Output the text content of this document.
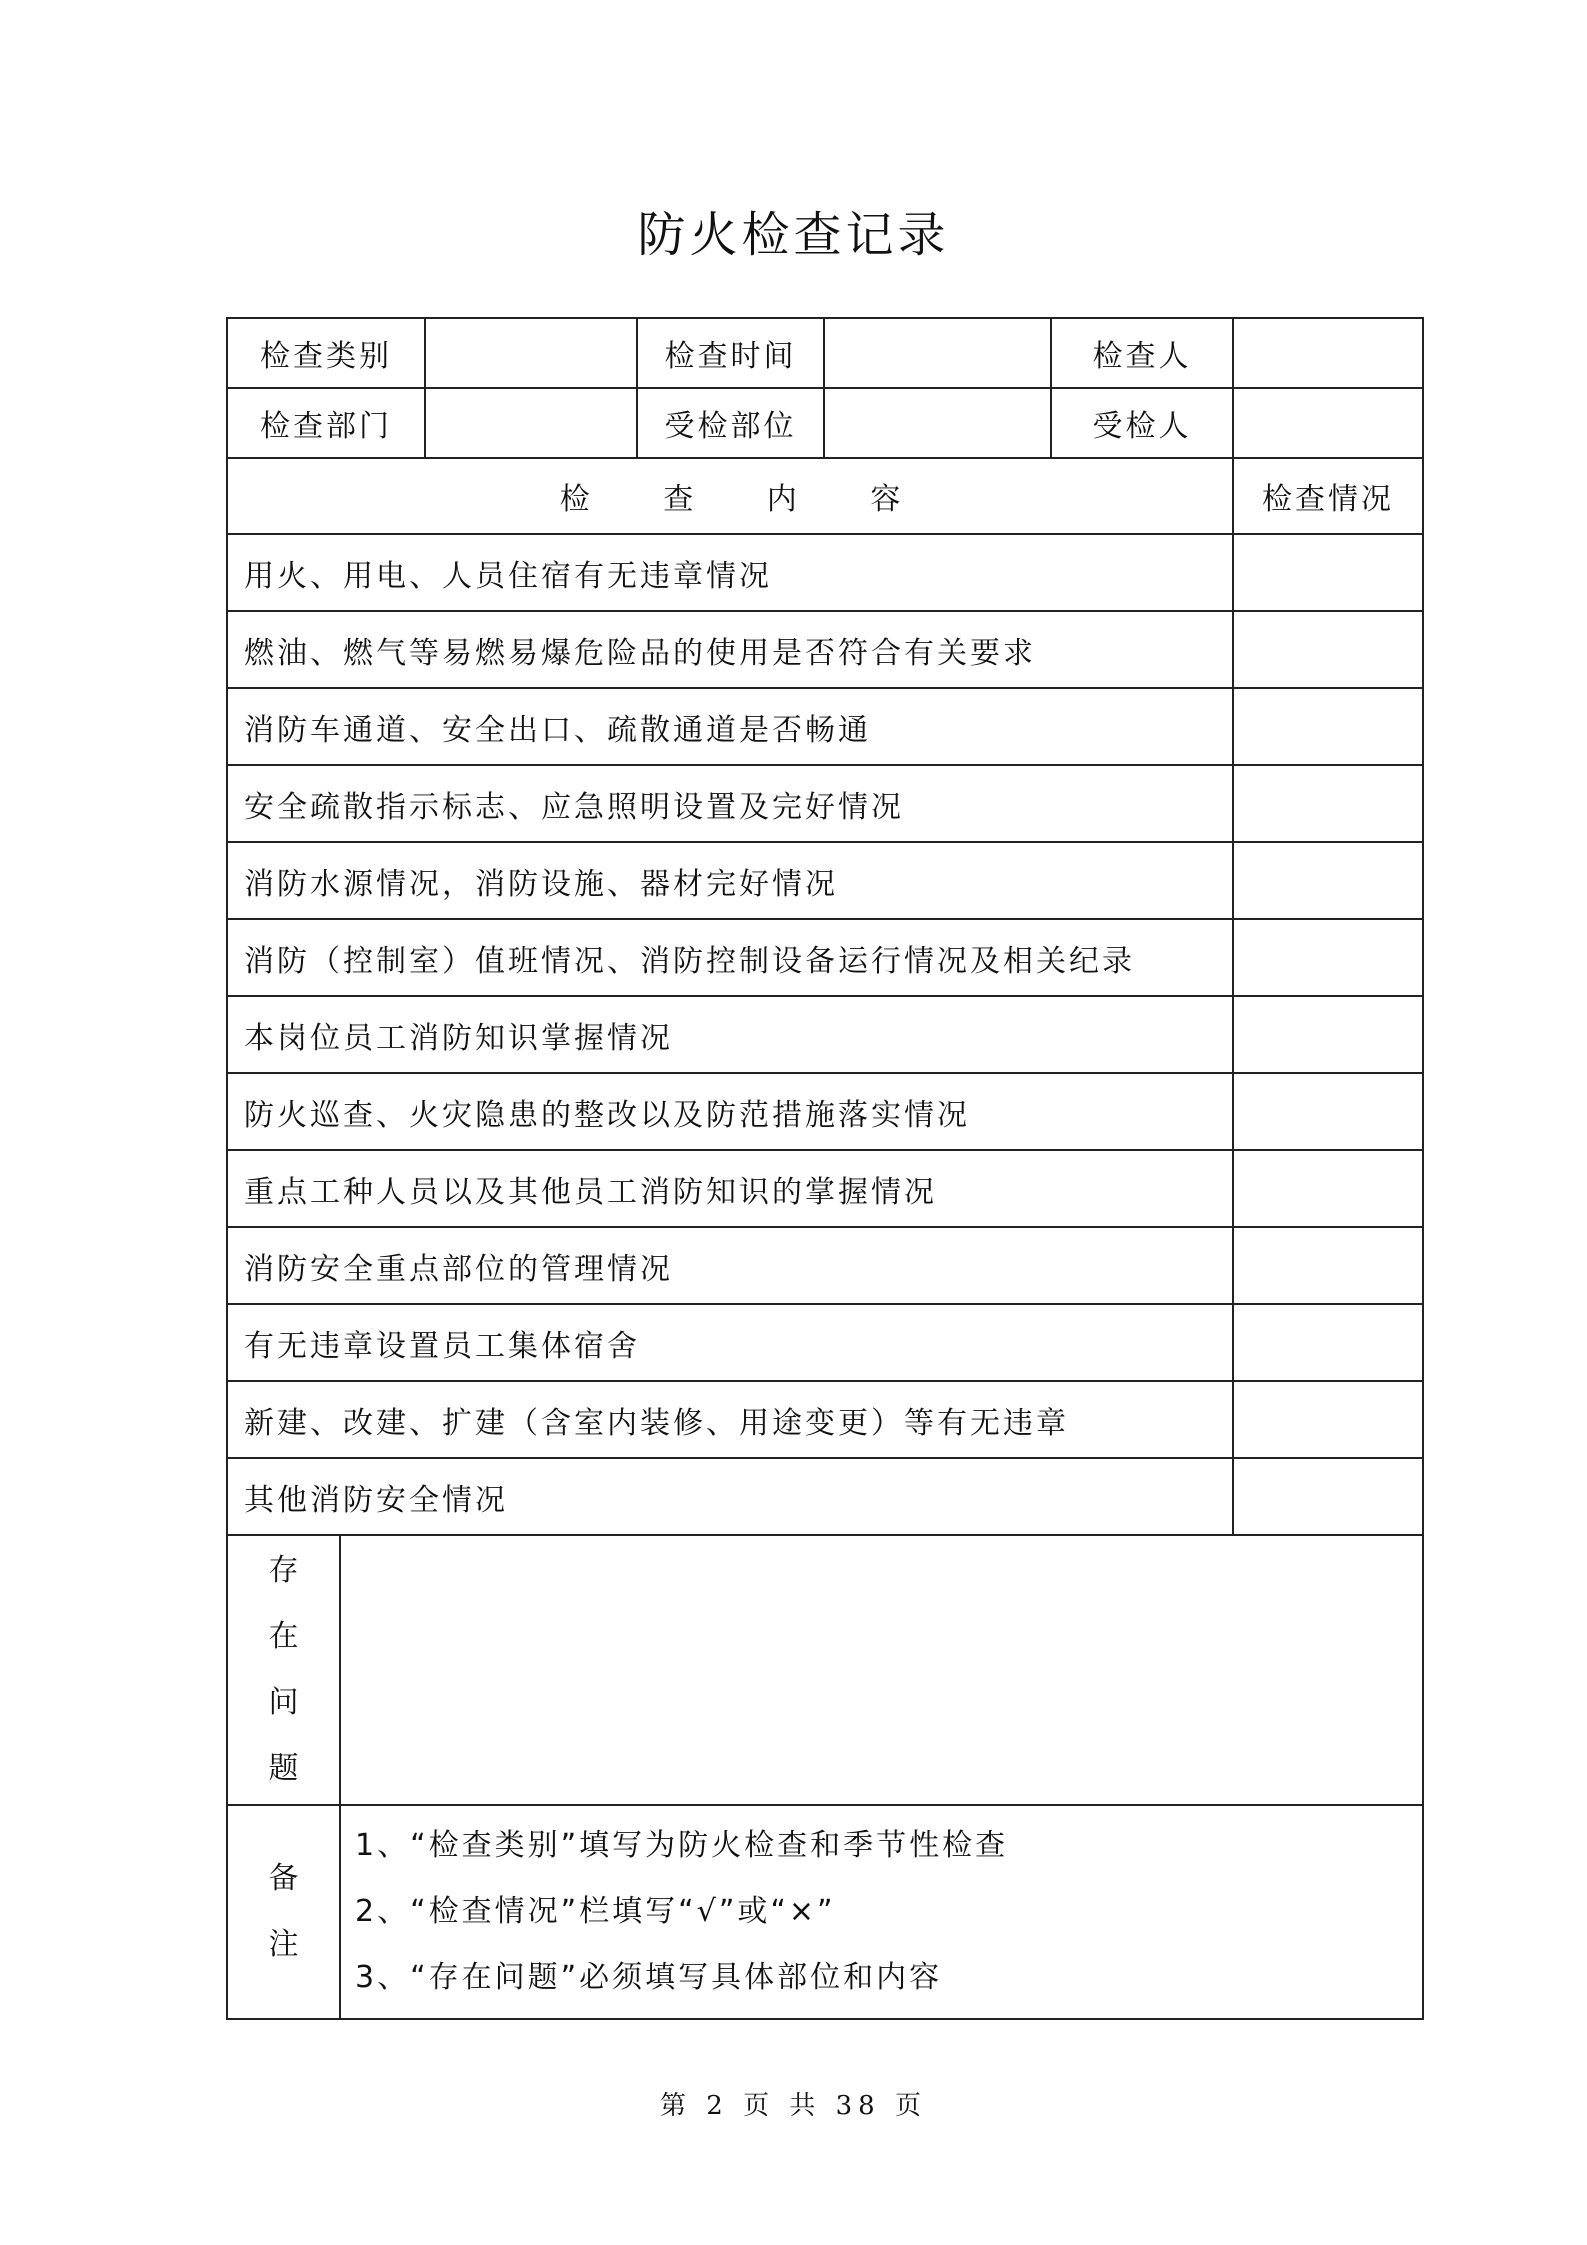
防火检查记录
检查类别			检查时间		检查人	
检查部门			受检部位		受检人	
检 查 内 容						检查情况
用火、用电、人员住宿有无违章情况						
燃油、燃气等易燃易爆危险品的使用是否符合有关要求						
消防车通道、安全出口、疏散通道是否畅通						
安全疏散指示标志、应急照明设置及完好情况						
消防水源情况，消防设施、器材完好情况						
消防（控制室）值班情况、消防控制设备运行情况及相关纪录						
本岗位员工消防知识掌握情况						
防火巡查、火灾隐患的整改以及防范措施落实情况						
重点工种人员以及其他员工消防知识的掌握情况						
消防安全重点部位的管理情况						
有无违章设置员工集体宿舍						
新建、改建、扩建（含室内装修、用途变更）等有无违章						
其他消防安全情况						

存
在
问
题						

备
注	1、“检查类别”填写为防火检查和季节性检查
2、“检查情况”栏填写“√”或“×”
3、“存在问题”必须填写具体部位和内容					
第 2 页 共 38 页
